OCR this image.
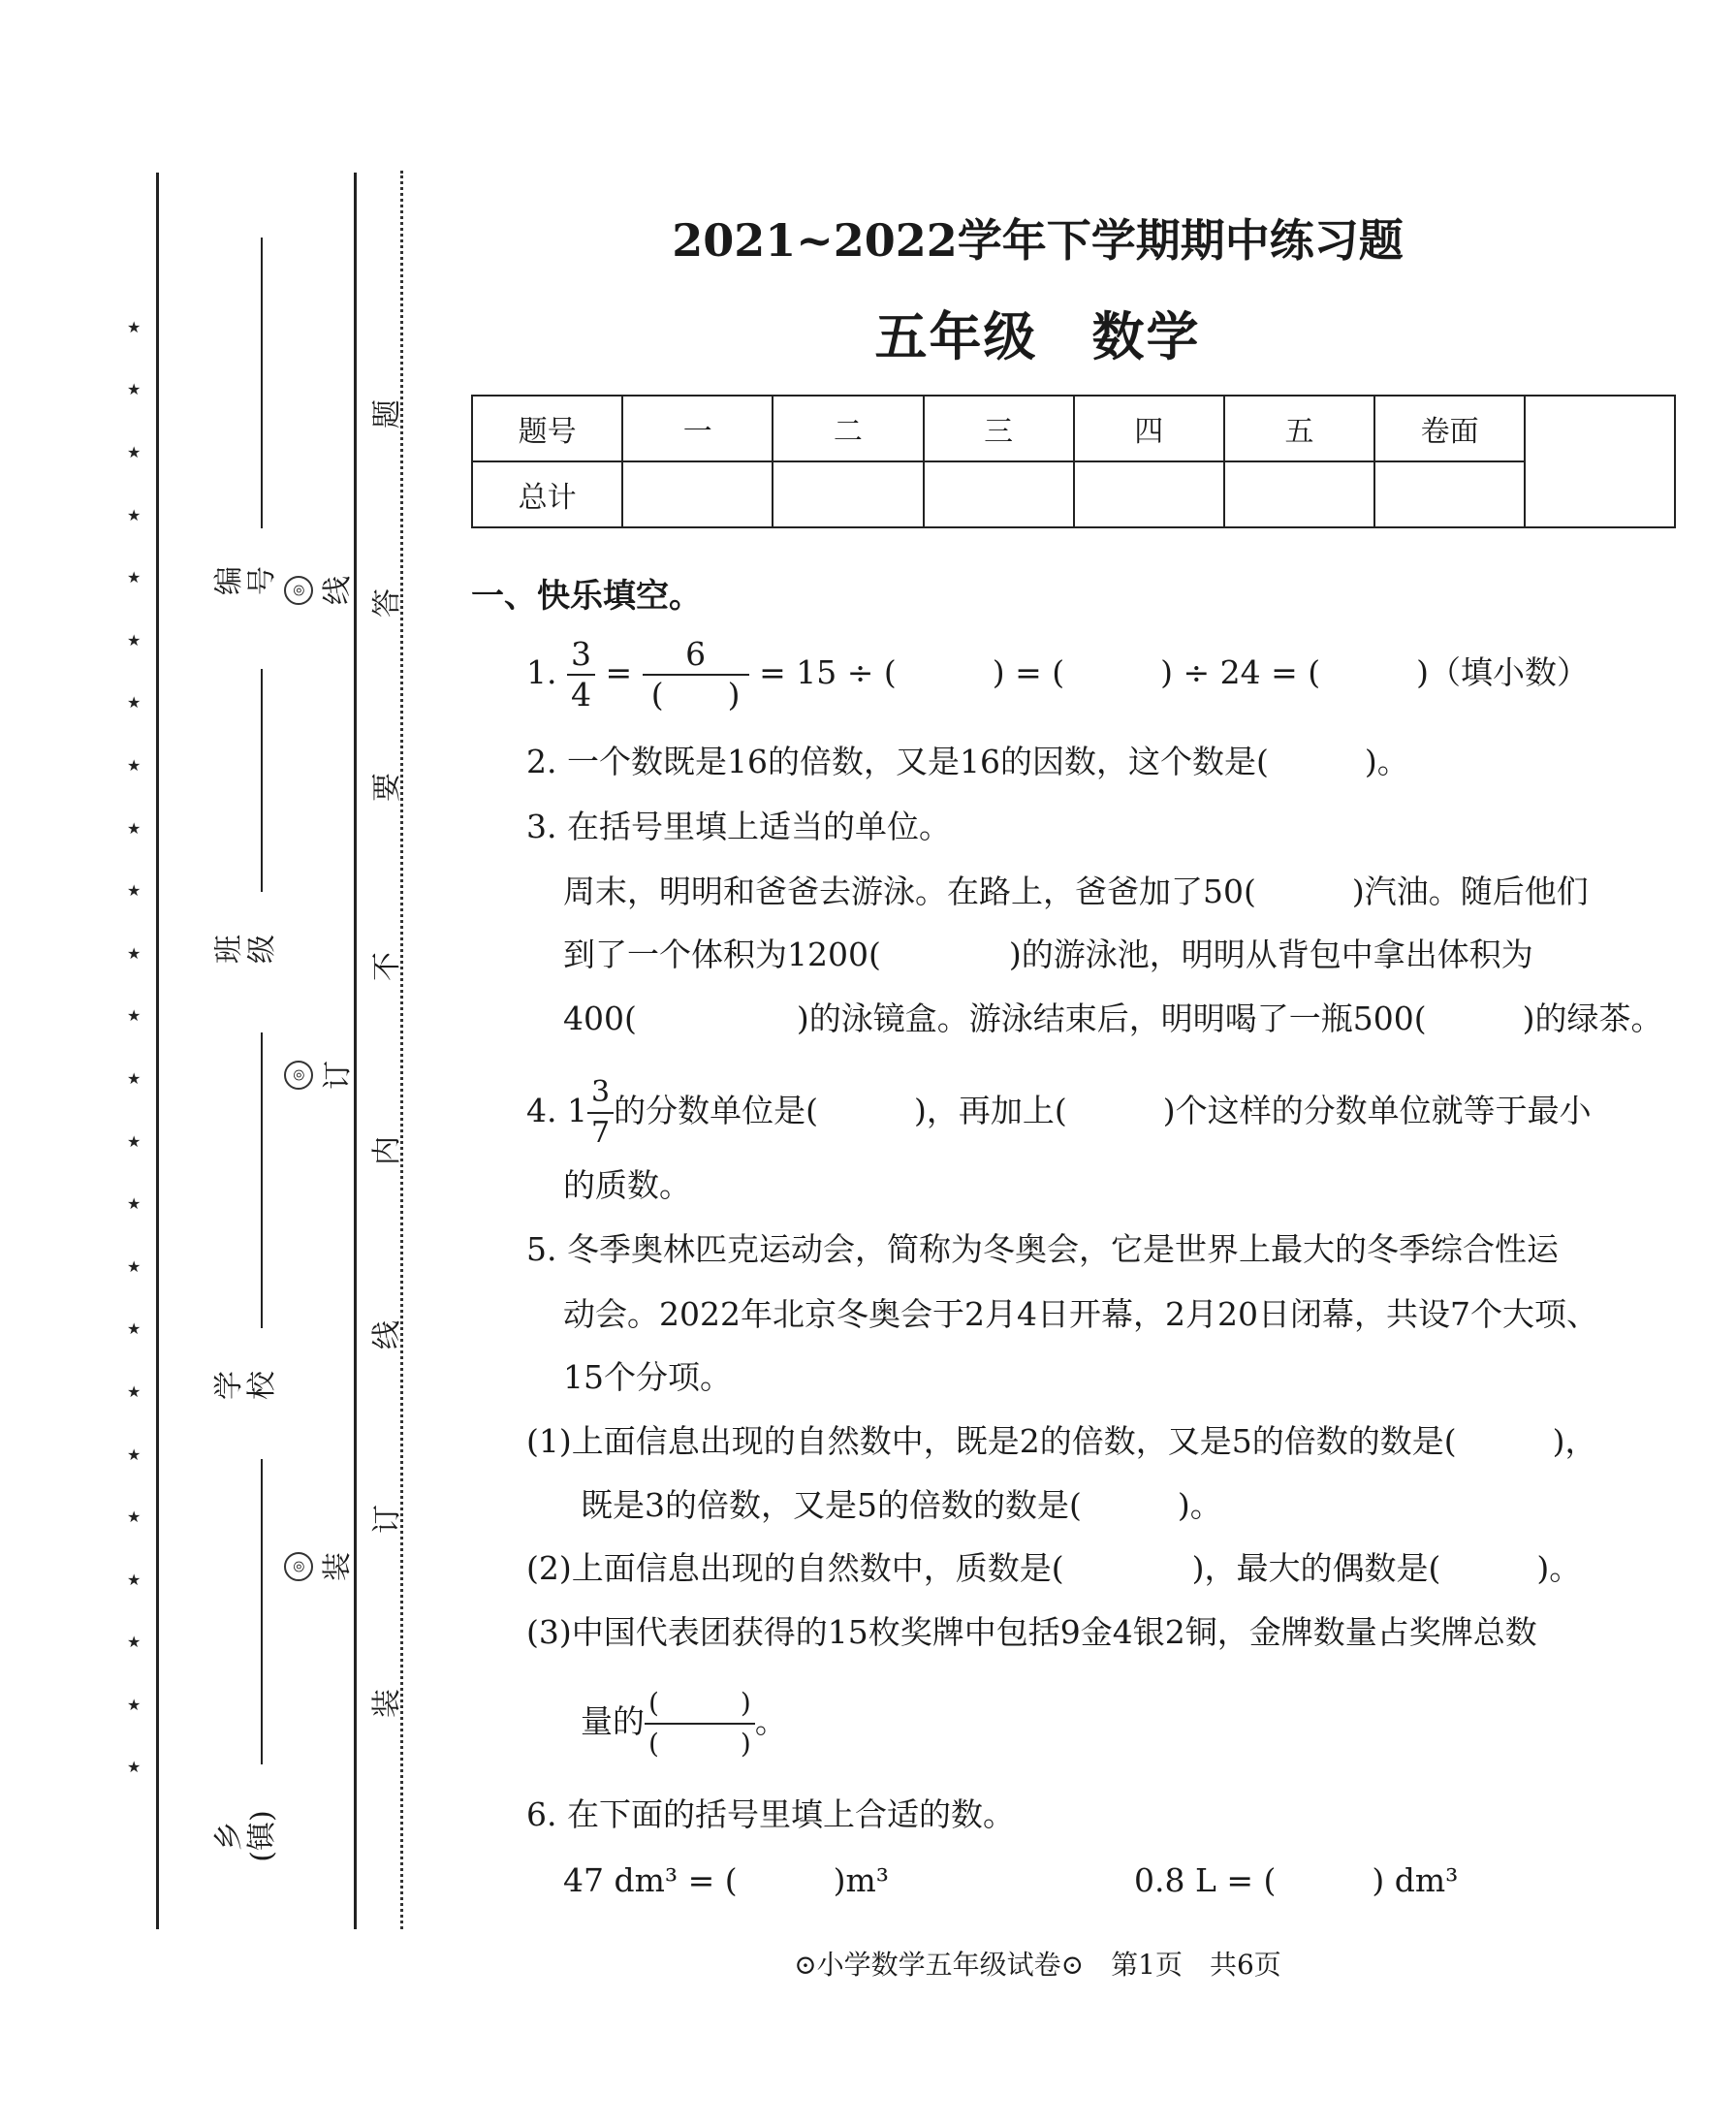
★
★
★
★
★
★
★
★
★
★
★
★
★
★
★
★
★
★
★
★
★
★
★
★
编号
班级
学校
乡(镇)
◎ 线
◎ 订
◎ 装
题
答
要
不
内
线
订
装
2021~2022学年下学期期中练习题
五年级　数学
题号	一	二	三	四	五	卷面	
总计							
一、快乐填空。
1. $\frac{3}{4} = \frac{6}{( )} = 15$ ÷ (　　　) = (　　　) ÷ 24 = (　　　)（填小数）
2. 一个数既是16的倍数，又是16的因数，这个数是(　　　)。
3. 在括号里填上适当的单位。
周末，明明和爸爸去游泳。在路上，爸爸加了50(　　　)汽油。随后他们
到了一个体积为1200(　　　　)的游泳池，明明从背包中拿出体积为
400(　　　　　)的泳镜盒。游泳结束后，明明喝了一瓶500(　　　)的绿茶。
4. $1 \frac{3}{7}$ 的分数单位是(　　　)，再加上(　　　)个这样的分数单位就等于最小
的质数。
5. 冬季奥林匹克运动会，简称为冬奥会，它是世界上最大的冬季综合性运
动会。2022年北京冬奥会于2月4日开幕，2月20日闭幕，共设7个大项、
15个分项。
(1)上面信息出现的自然数中，既是2的倍数，又是5的倍数的数是(　　　)，
既是3的倍数，又是5的倍数的数是(　　　)。
(2)上面信息出现的自然数中，质数是(　　　　)，最大的偶数是(　　　)。
(3)中国代表团获得的15枚奖牌中包括9金4银2铜，金牌数量占奖牌总数
量的 $\frac{( )}{( )}$ 。
6. 在下面的括号里填上合适的数。
47 dm³ = (　　　)m³	0.8 L = (　　　) dm³
⊙小学数学五年级试卷⊙　第1页　共6页
